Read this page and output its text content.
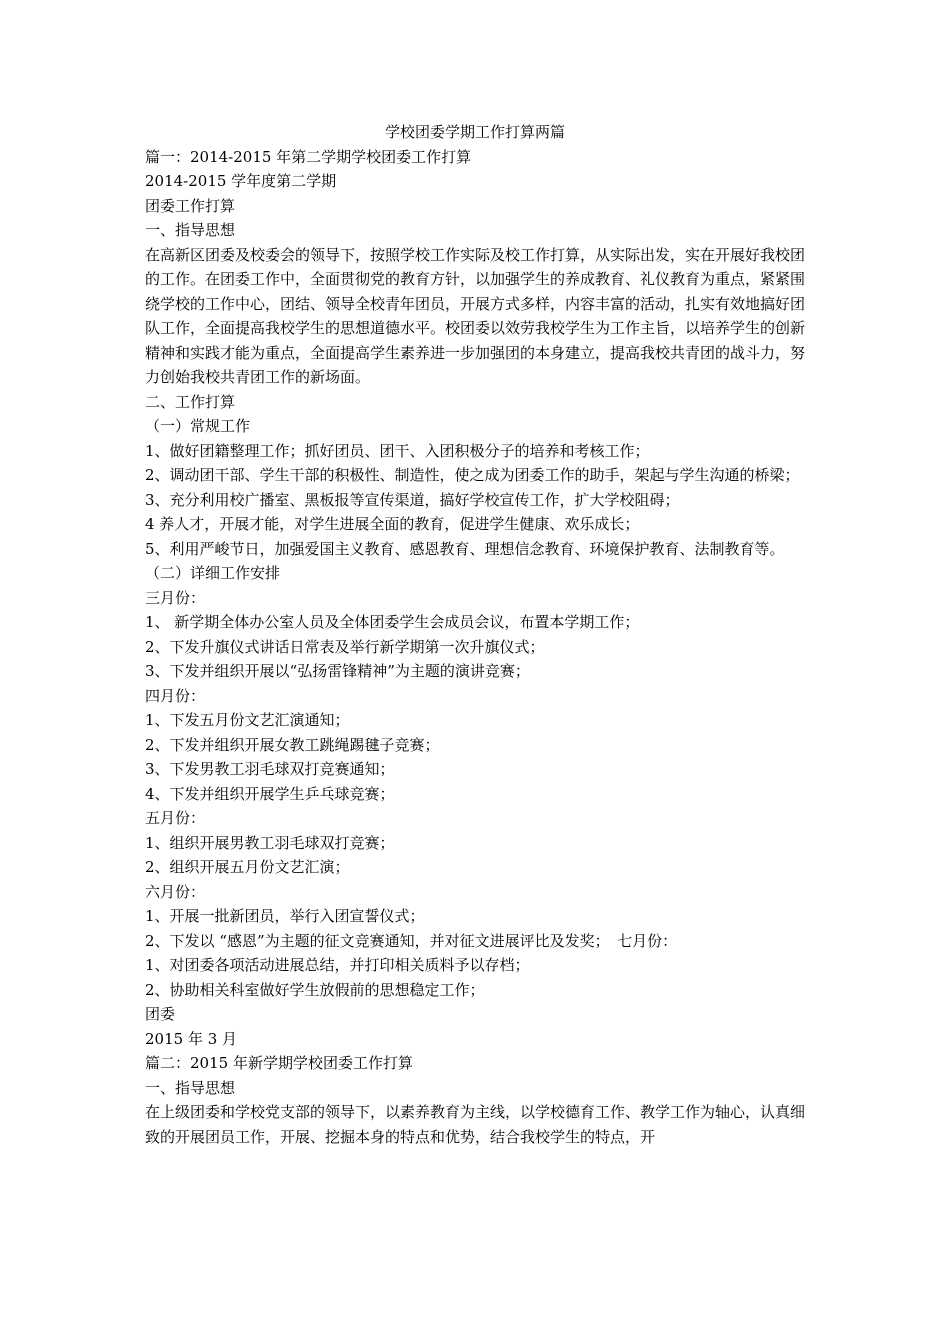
学校团委学期工作打算两篇

篇一：2014-2015 年第二学期学校团委工作打算

2014-2015 学年度第二学期

团委工作打算

一、指导思想

在高新区团委及校委会的领导下，按照学校工作实际及校工作打算，从实际出发，实在开展好我校团的工作。在团委工作中，全面贯彻党的教育方针，以加强学生的养成教育、礼仪教育为重点，紧紧围绕学校的工作中心，团结、领导全校青年团员，开展方式多样，内容丰富的活动，扎实有效地搞好团队工作，全面提高我校学生的思想道德水平。校团委以效劳我校学生为工作主旨，以培养学生的创新精神和实践才能为重点，全面提高学生素养进一步加强团的本身建立，提高我校共青团的战斗力，努力创始我校共青团工作的新场面。

二、工作打算

（一）常规工作

1、做好团籍整理工作；抓好团员、团干、入团积极分子的培养和考核工作；

2、调动团干部、学生干部的积极性、制造性，使之成为团委工作的助手，架起与学生沟通的桥梁；

3、充分利用校广播室、黑板报等宣传渠道，搞好学校宣传工作，扩大学校阻碍；

4 养人才，开展才能，对学生进展全面的教育，促进学生健康、欢乐成长；

5、利用严峻节日，加强爱国主义教育、感恩教育、理想信念教育、环境保护教育、法制教育等。

（二）详细工作安排

三月份：

1、 新学期全体办公室人员及全体团委学生会成员会议，布置本学期工作；

2、下发升旗仪式讲话日常表及举行新学期第一次升旗仪式；

3、下发并组织开展以“弘扬雷锋精神”为主题的演讲竞赛；

四月份：

1、下发五月份文艺汇演通知；

2、下发并组织开展女教工跳绳踢毽子竞赛；

3、下发男教工羽毛球双打竞赛通知；

4、下发并组织开展学生乒乓球竞赛；

五月份：

1、组织开展男教工羽毛球双打竞赛；

2、组织开展五月份文艺汇演；

六月份：

1、开展一批新团员，举行入团宣誓仪式；

2、下发以 “感恩”为主题的征文竞赛通知，并对征文进展评比及发奖；　七月份：

1、对团委各项活动进展总结，并打印相关质料予以存档；

2、协助相关科室做好学生放假前的思想稳定工作；

团委

2015 年 3 月

篇二：2015 年新学期学校团委工作打算

一、指导思想

在上级团委和学校党支部的领导下，以素养教育为主线，以学校德育工作、教学工作为轴心，认真细致的开展团员工作，开展、挖掘本身的特点和优势，结合我校学生的特点，开
